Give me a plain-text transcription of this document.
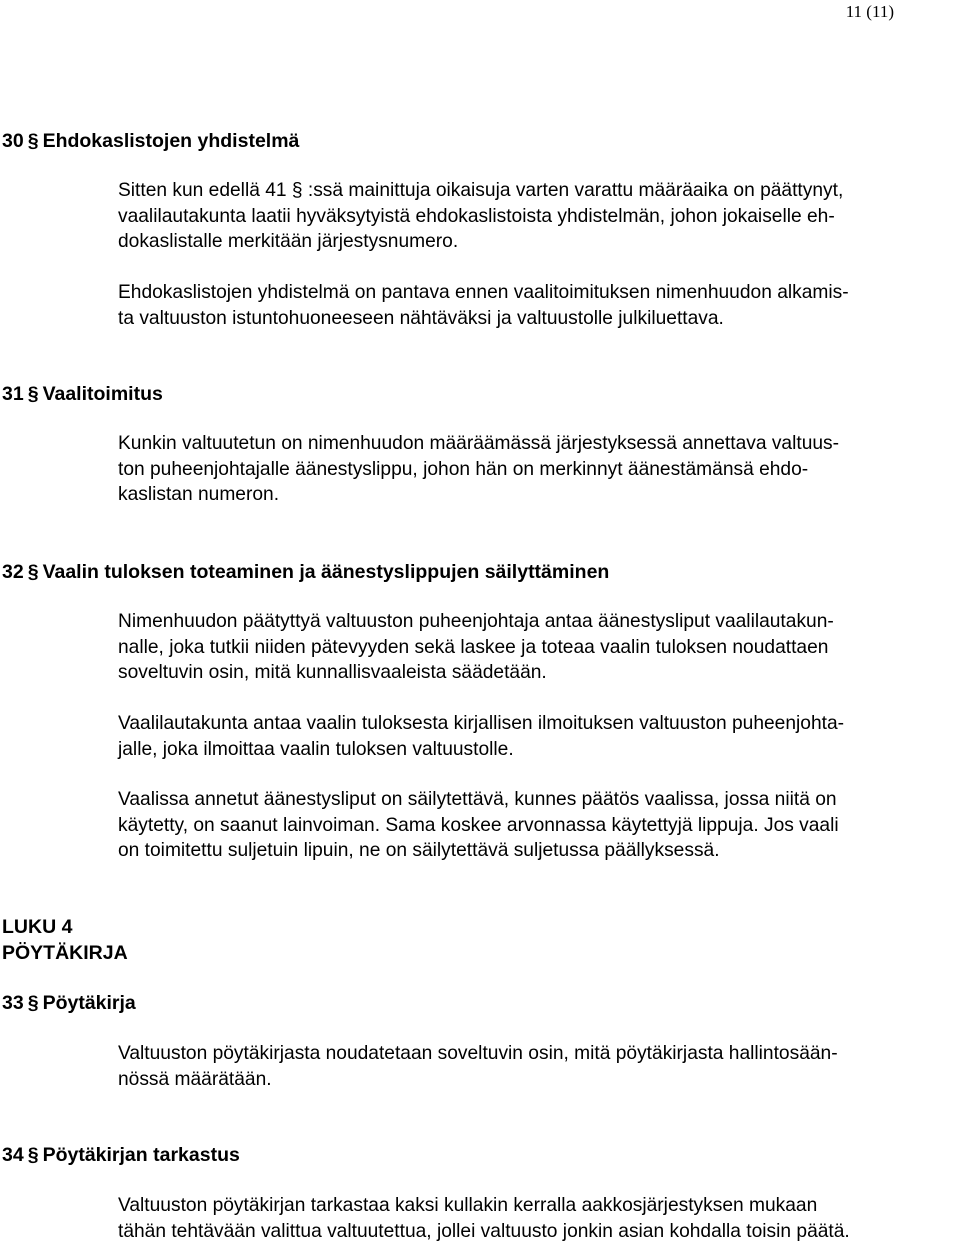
11 (11)
30 § Ehdokaslistojen yhdistelmä
Sitten kun edellä 41 § :ssä mainittuja oikaisuja varten varattu määräaika on päättynyt,
vaalilautakunta laatii hyväksytyistä ehdokaslistoista yhdistelmän, johon jokaiselle eh-
dokaslistalle merkitään järjestysnumero.
Ehdokaslistojen yhdistelmä on pantava ennen vaalitoimituksen nimenhuudon alkamis-
ta valtuuston istuntohuoneeseen nähtäväksi ja valtuustolle julkiluettava.
31 § Vaalitoimitus
Kunkin valtuutetun on nimenhuudon määräämässä järjestyksessä annettava valtuus-
ton puheenjohtajalle äänestyslippu, johon hän on merkinnyt äänestämänsä ehdo-
kaslistan numeron.
32 § Vaalin tuloksen toteaminen ja äänestyslippujen säilyttäminen
Nimenhuudon päätyttyä valtuuston puheenjohtaja antaa äänestysliput vaalilautakun-
nalle, joka tutkii niiden pätevyyden sekä laskee ja toteaa vaalin tuloksen noudattaen
soveltuvin osin, mitä kunnallisvaaleista säädetään.
Vaalilautakunta antaa vaalin tuloksesta kirjallisen ilmoituksen valtuuston puheenjohta-
jalle, joka ilmoittaa vaalin tuloksen valtuustolle.
Vaalissa annetut äänestysliput on säilytettävä, kunnes päätös vaalissa, jossa niitä on
käytetty, on saanut lainvoiman. Sama koskee arvonnassa käytettyjä lippuja. Jos vaali
on toimitettu suljetuin lipuin, ne on säilytettävä suljetussa päällyksessä.
LUKU 4
PÖYTÄKIRJA
33 § Pöytäkirja
Valtuuston pöytäkirjasta noudatetaan soveltuvin osin, mitä pöytäkirjasta hallintosään-
nössä määrätään.
34 § Pöytäkirjan tarkastus
Valtuuston pöytäkirjan tarkastaa kaksi kullakin kerralla aakkosjärjestyksen mukaan
tähän tehtävään valittua valtuutettua, jollei valtuusto jonkin asian kohdalla toisin päätä.
